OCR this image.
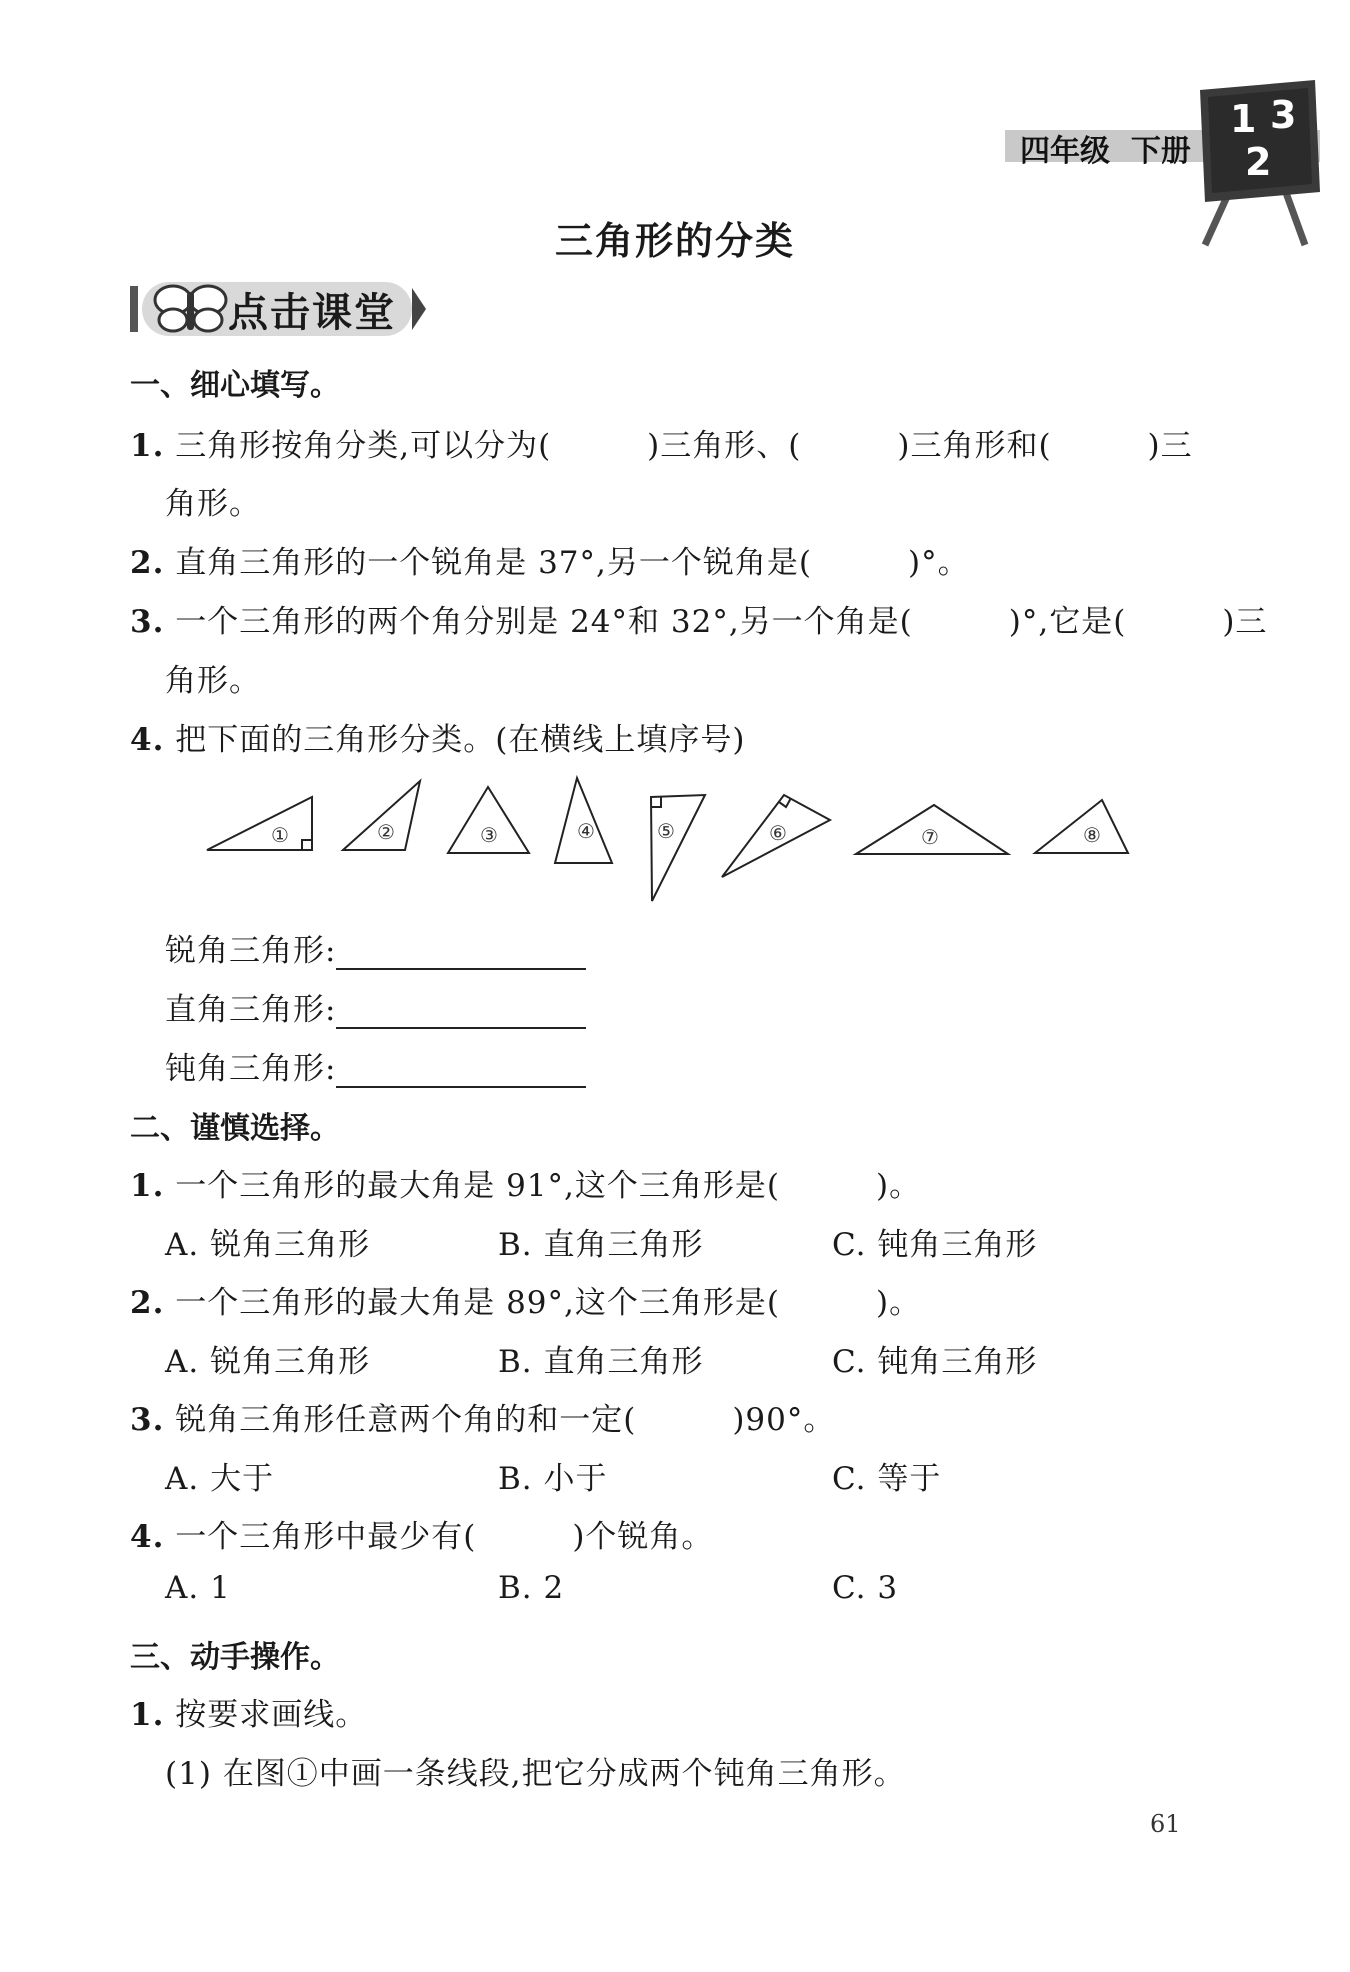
四年级 下册
1 3
2
三角形的分类
点击课堂
一、细心填写。
1. 三角形按角分类,可以分为(　　　)三角形、(　　　)三角形和(　　　)三
角形。
2. 直角三角形的一个锐角是 37°,另一个锐角是(　　　)°。
3. 一个三角形的两个角分别是 24°和 32°,另一个角是(　　　)°,它是(　　　)三
角形。
4. 把下面的三角形分类。(在横线上填序号)
①	②	③	④	⑤	⑥	⑦	⑧
锐角三角形:
直角三角形:
钝角三角形:
二、谨慎选择。
1. 一个三角形的最大角是 91°,这个三角形是(　　　)。
A. 锐角三角形	B. 直角三角形	C. 钝角三角形
2. 一个三角形的最大角是 89°,这个三角形是(　　　)。
A. 锐角三角形	B. 直角三角形	C. 钝角三角形
3. 锐角三角形任意两个角的和一定(　　　)90°。
A. 大于	B. 小于	C. 等于
4. 一个三角形中最少有(　　　)个锐角。
A. 1	B. 2	C. 3
三、动手操作。
1. 按要求画线。
(1) 在图①中画一条线段,把它分成两个钝角三角形。
61
